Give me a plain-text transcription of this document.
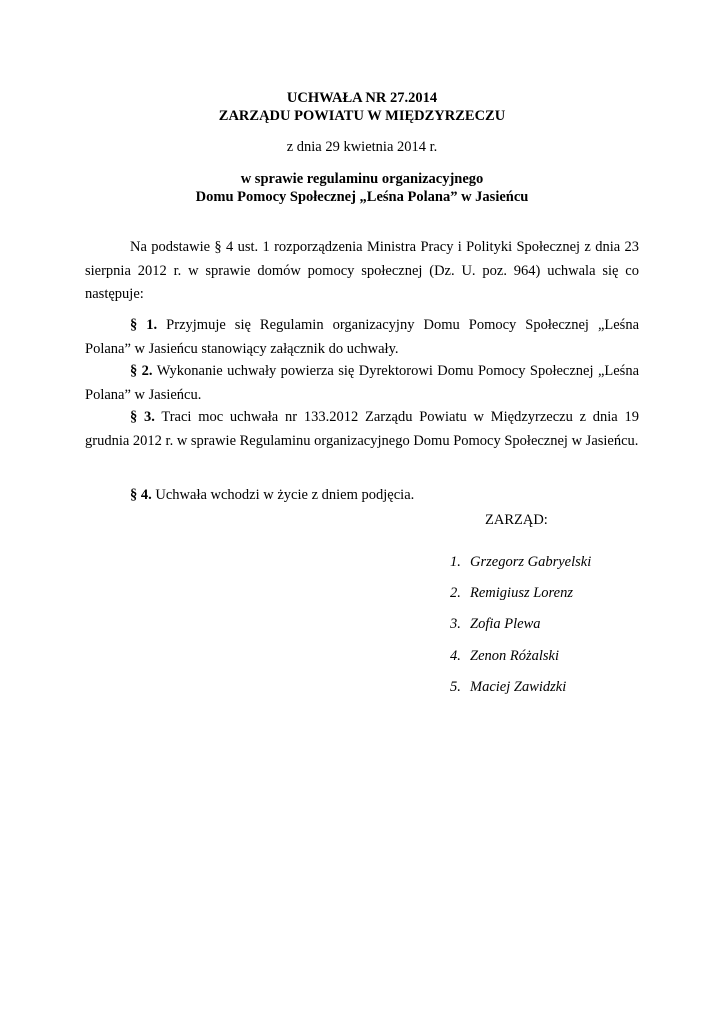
UCHWAŁA NR 27.2014
ZARZĄDU POWIATU W MIĘDZYRZECZU
z dnia 29 kwietnia 2014 r.
w sprawie regulaminu organizacyjnego
Domu Pomocy Społecznej „Leśna Polana” w Jasieńcu

Na podstawie § 4 ust. 1 rozporządzenia Ministra Pracy i Polityki Społecznej z dnia 23 sierpnia 2012 r. w sprawie domów pomocy społecznej (Dz. U. poz. 964) uchwala się co następuje:

§ 1. Przyjmuje się Regulamin organizacyjny Domu Pomocy Społecznej „Leśna Polana” w Jasieńcu stanowiący załącznik do uchwały.

§ 2. Wykonanie uchwały powierza się Dyrektorowi Domu Pomocy Społecznej „Leśna Polana” w Jasieńcu.

§ 3. Traci moc uchwała nr 133.2012 Zarządu Powiatu w Międzyrzeczu z dnia 19 grudnia 2012 r. w sprawie Regulaminu organizacyjnego Domu Pomocy Społecznej w Jasieńcu.

§ 4. Uchwała wchodzi w życie z dniem podjęcia.

ZARZĄD:
1. Grzegorz Gabryelski
2. Remigiusz Lorenz
3. Zofia Plewa
4. Zenon Różalski
5. Maciej Zawidzki
